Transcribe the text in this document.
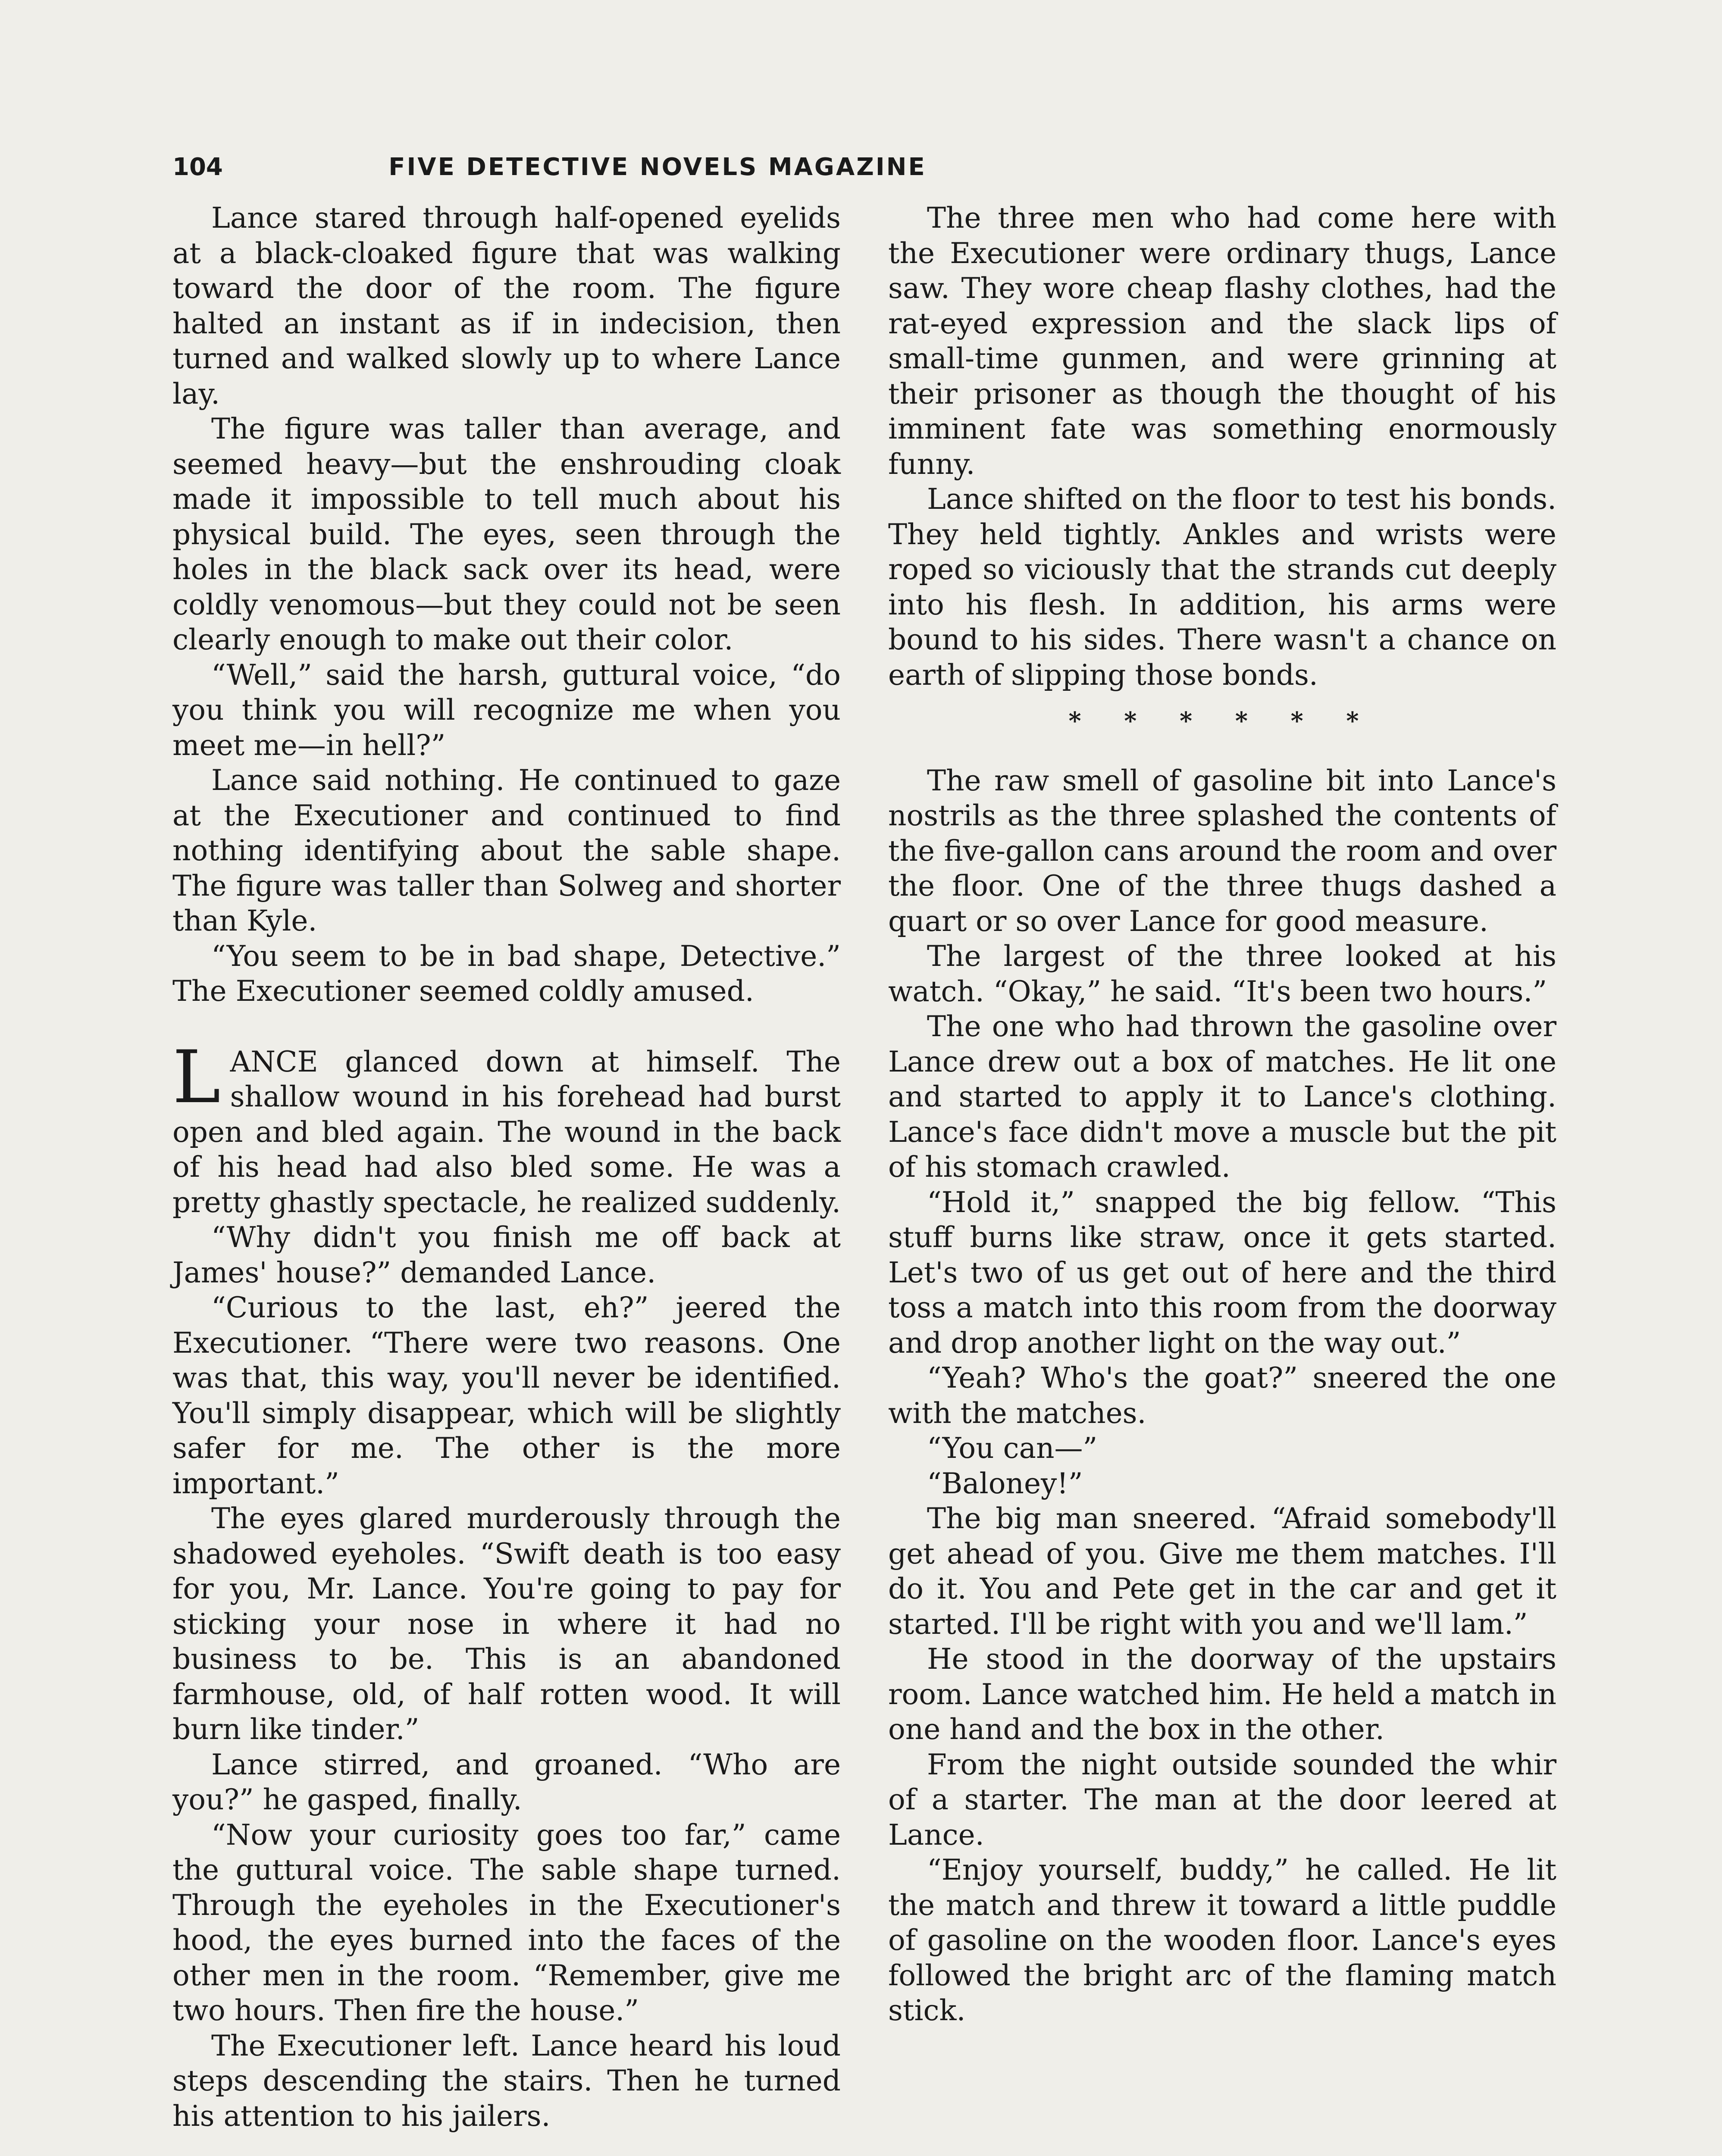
104	FIVE DETECTIVE NOVELS MAGAZINE

Lance stared through half-opened eyelids at a black-cloaked figure that was walking toward the door of the room. The figure halted an instant as if in indecision, then turned and walked slowly up to where Lance lay.

The figure was taller than average, and seemed heavy—but the enshrouding cloak made it impossible to tell much about his physical build. The eyes, seen through the holes in the black sack over its head, were coldly venomous—but they could not be seen clearly enough to make out their color.

“Well,” said the harsh, guttural voice, “do you think you will recognize me when you meet me—in hell?”

Lance said nothing. He continued to gaze at the Executioner and continued to find nothing identifying about the sable shape. The figure was taller than Solweg and shorter than Kyle.

“You seem to be in bad shape, Detective.” The Executioner seemed coldly amused.

LANCE glanced down at himself. The shallow wound in his forehead had burst open and bled again. The wound in the back of his head had also bled some. He was a pretty ghastly spectacle, he realized suddenly.

“Why didn't you finish me off back at James' house?” demanded Lance.

“Curious to the last, eh?” jeered the Executioner. “There were two reasons. One was that, this way, you'll never be identified. You'll simply disappear, which will be slightly safer for me. The other is the more important.”

The eyes glared murderously through the shadowed eyeholes. “Swift death is too easy for you, Mr. Lance. You're going to pay for sticking your nose in where it had no business to be. This is an abandoned farmhouse, old, of half rotten wood. It will burn like tinder.”

Lance stirred, and groaned. “Who are you?” he gasped, finally.

“Now your curiosity goes too far,” came the guttural voice. The sable shape turned. Through the eyeholes in the Executioner's hood, the eyes burned into the faces of the other men in the room. “Remember, give me two hours. Then fire the house.”

The Executioner left. Lance heard his loud steps descending the stairs. Then he turned his attention to his jailers.

The three men who had come here with the Executioner were ordinary thugs, Lance saw. They wore cheap flashy clothes, had the rat-eyed expression and the slack lips of small-time gunmen, and were grinning at their prisoner as though the thought of his imminent fate was something enormously funny.

Lance shifted on the floor to test his bonds. They held tightly. Ankles and wrists were roped so viciously that the strands cut deeply into his flesh. In addition, his arms were bound to his sides. There wasn't a chance on earth of slipping those bonds.

* * * * * *

The raw smell of gasoline bit into Lance's nostrils as the three splashed the contents of the five-gallon cans around the room and over the floor. One of the three thugs dashed a quart or so over Lance for good measure.

The largest of the three looked at his watch. “Okay,” he said. “It's been two hours.”

The one who had thrown the gasoline over Lance drew out a box of matches. He lit one and started to apply it to Lance's clothing. Lance's face didn't move a muscle but the pit of his stomach crawled.

“Hold it,” snapped the big fellow. “This stuff burns like straw, once it gets started. Let's two of us get out of here and the third toss a match into this room from the doorway and drop another light on the way out.”

“Yeah? Who's the goat?” sneered the one with the matches.

“You can—”

“Baloney!”

The big man sneered. “Afraid somebody'll get ahead of you. Give me them matches. I'll do it. You and Pete get in the car and get it started. I'll be right with you and we'll lam.”

He stood in the doorway of the upstairs room. Lance watched him. He held a match in one hand and the box in the other.

From the night outside sounded the whir of a starter. The man at the door leered at Lance.

“Enjoy yourself, buddy,” he called. He lit the match and threw it toward a little puddle of gasoline on the wooden floor. Lance's eyes followed the bright arc of the flaming match stick.
